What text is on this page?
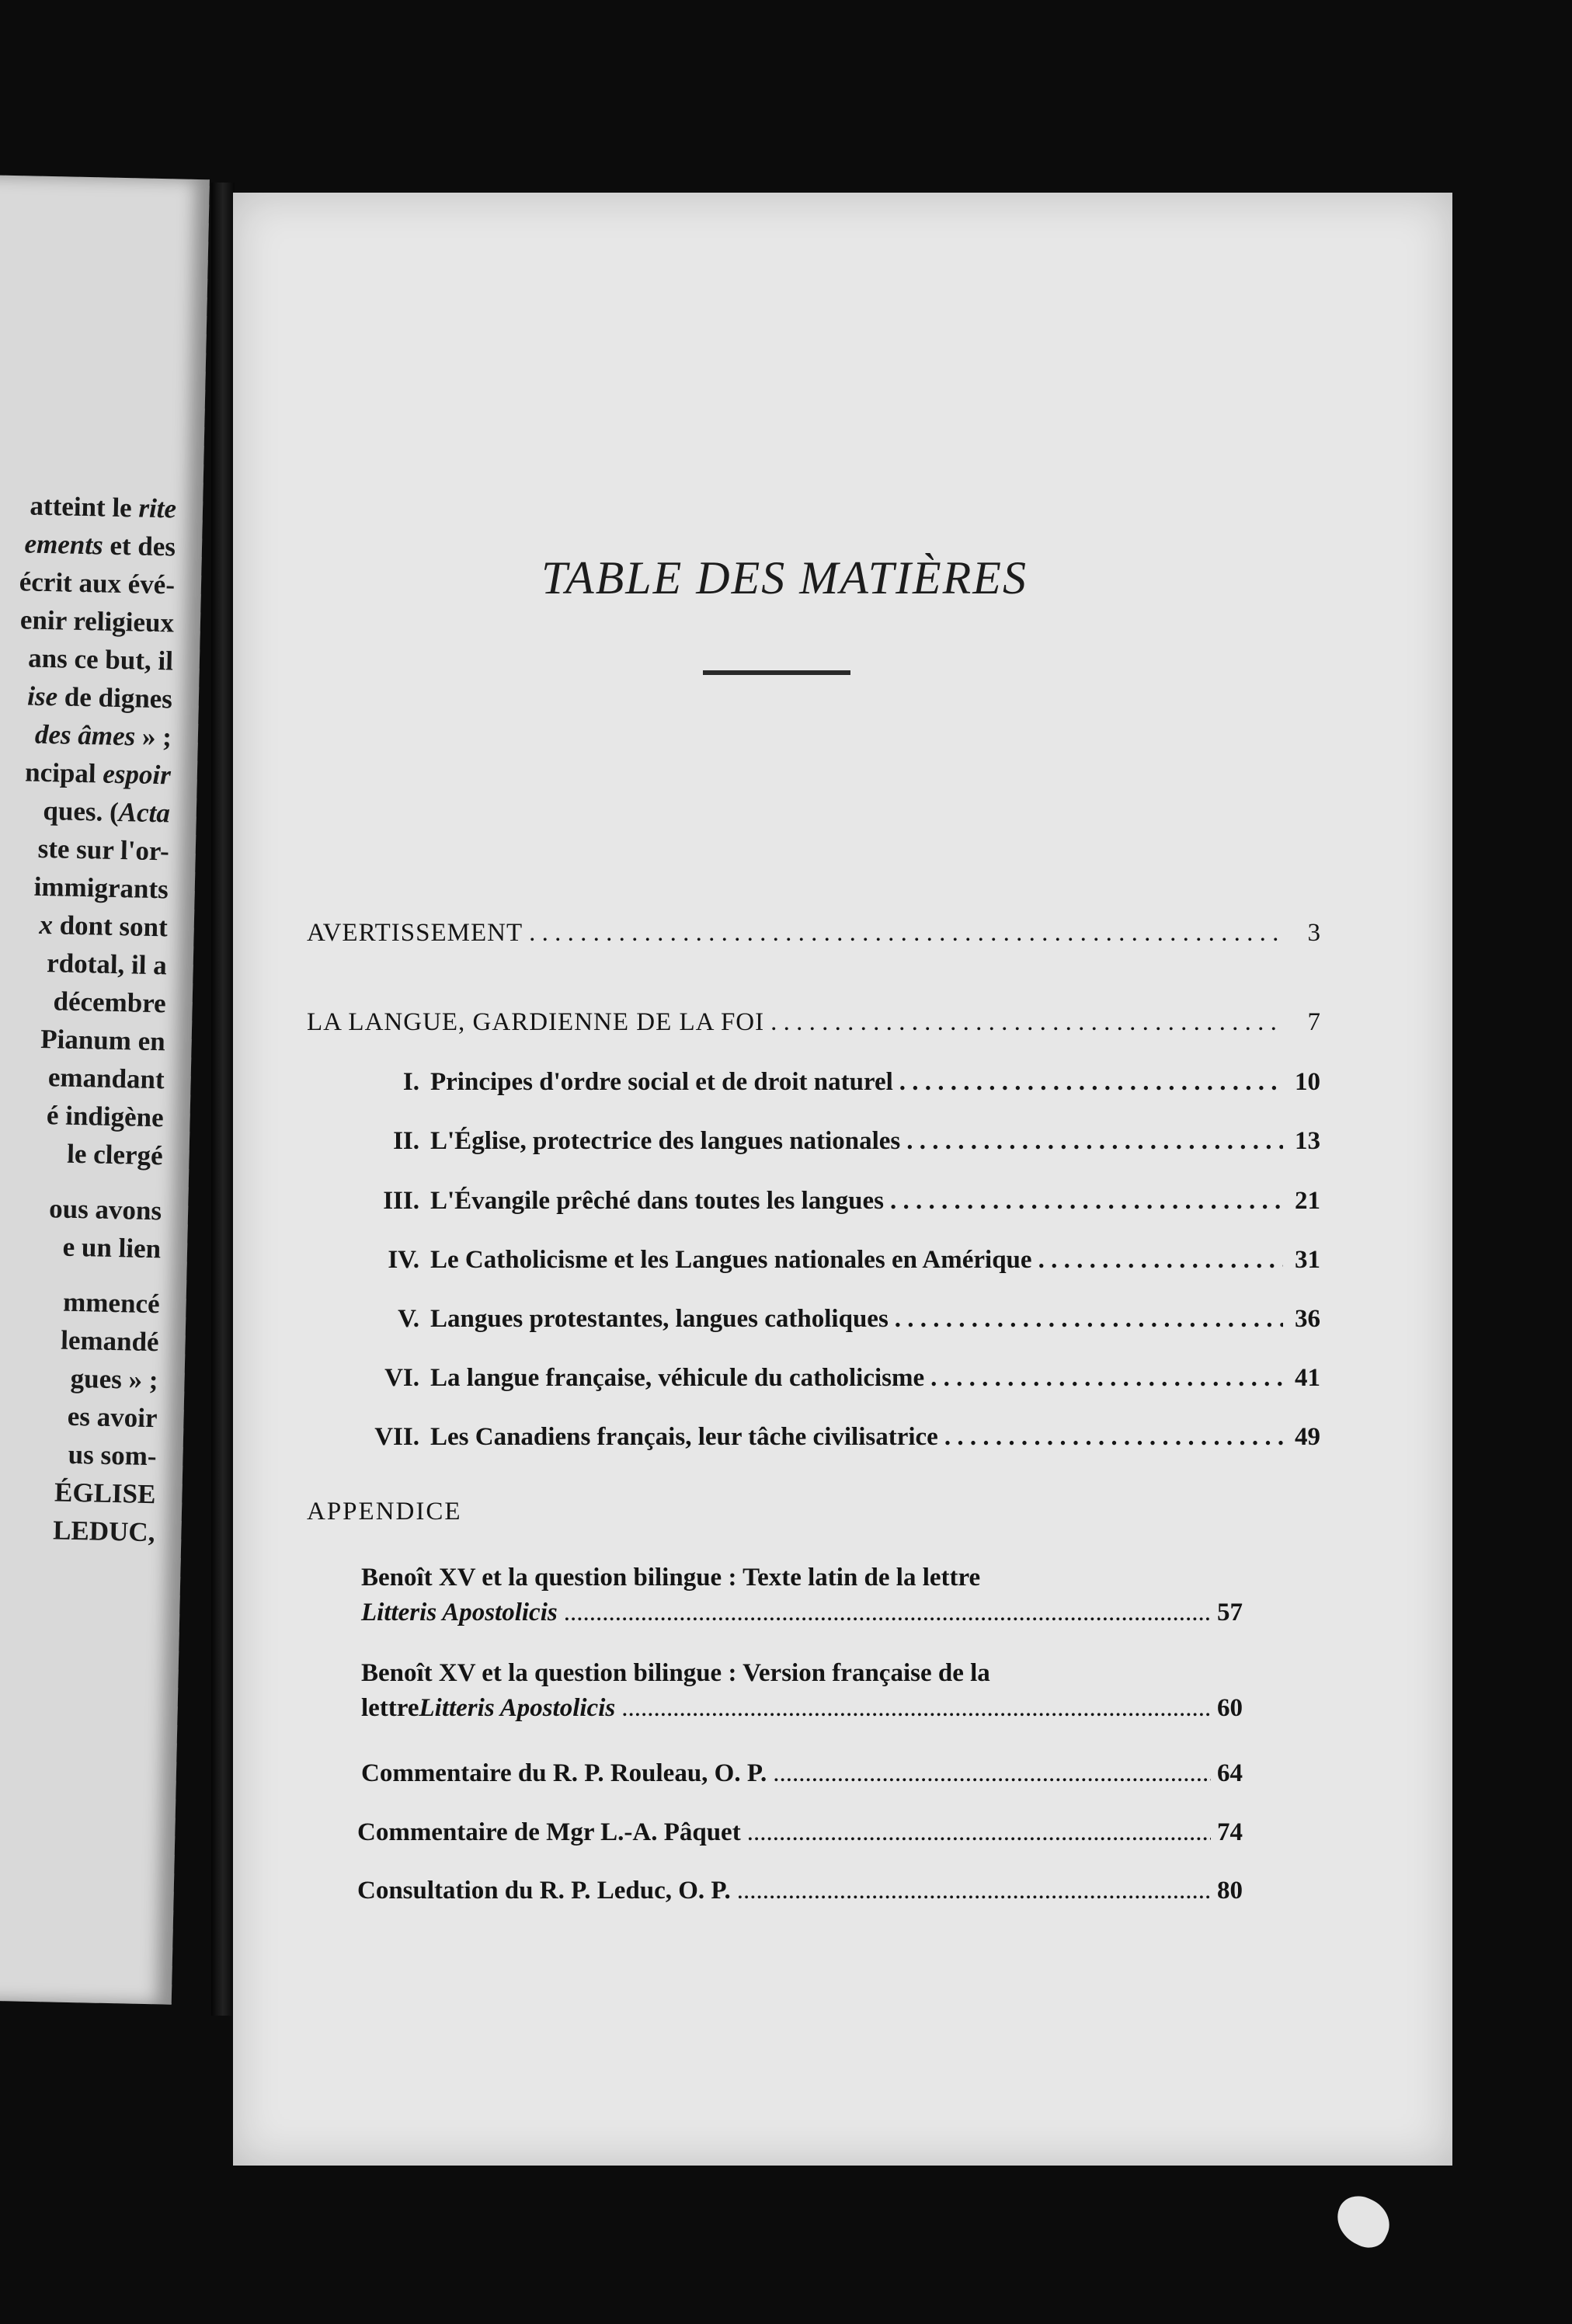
atteint le rite
ements et des
écrit aux évé-
enir religieux
ans ce but, il
ise de dignes
des âmes » ;
ncipal espoir
ques. (Acta
ste sur l'or-
immigrants
x dont sont
rdotal, il a
décembre
Pianum en
emandant
é indigène
le clergé
ous avons
e un lien
mmencé
lemandé
gues » ;
es avoir
us som-
ÉGLISE
LEDUC,
TABLE DES MATIÈRES
AVERTISSEMENT . . .	3
LA LANGUE, GARDIENNE DE LA FOI . . .	7
I. Principes d'ordre social et de droit naturel . . .	10
II. L'Église, protectrice des langues nationales . . .	13
III. L'Évangile prêché dans toutes les langues . . .	21
IV. Le Catholicisme et les Langues nationales en Amérique . . .	31
V. Langues protestantes, langues catholiques . . .	36
VI. La langue française, véhicule du catholicisme . . .	41
VII. Les Canadiens français, leur tâche civilisatrice . . .	49
APPENDICE
Benoît XV et la question bilingue : Texte latin de la lettre
Litteris Apostolicis .....	57
Benoît XV et la question bilingue : Version française de la
lettre Litteris Apostolicis .....	60
Commentaire du R. P. Rouleau, O. P. .....	64
Commentaire de Mgr L.-A. Pâquet .....	74
Consultation du R. P. Leduc, O. P. .....	80
